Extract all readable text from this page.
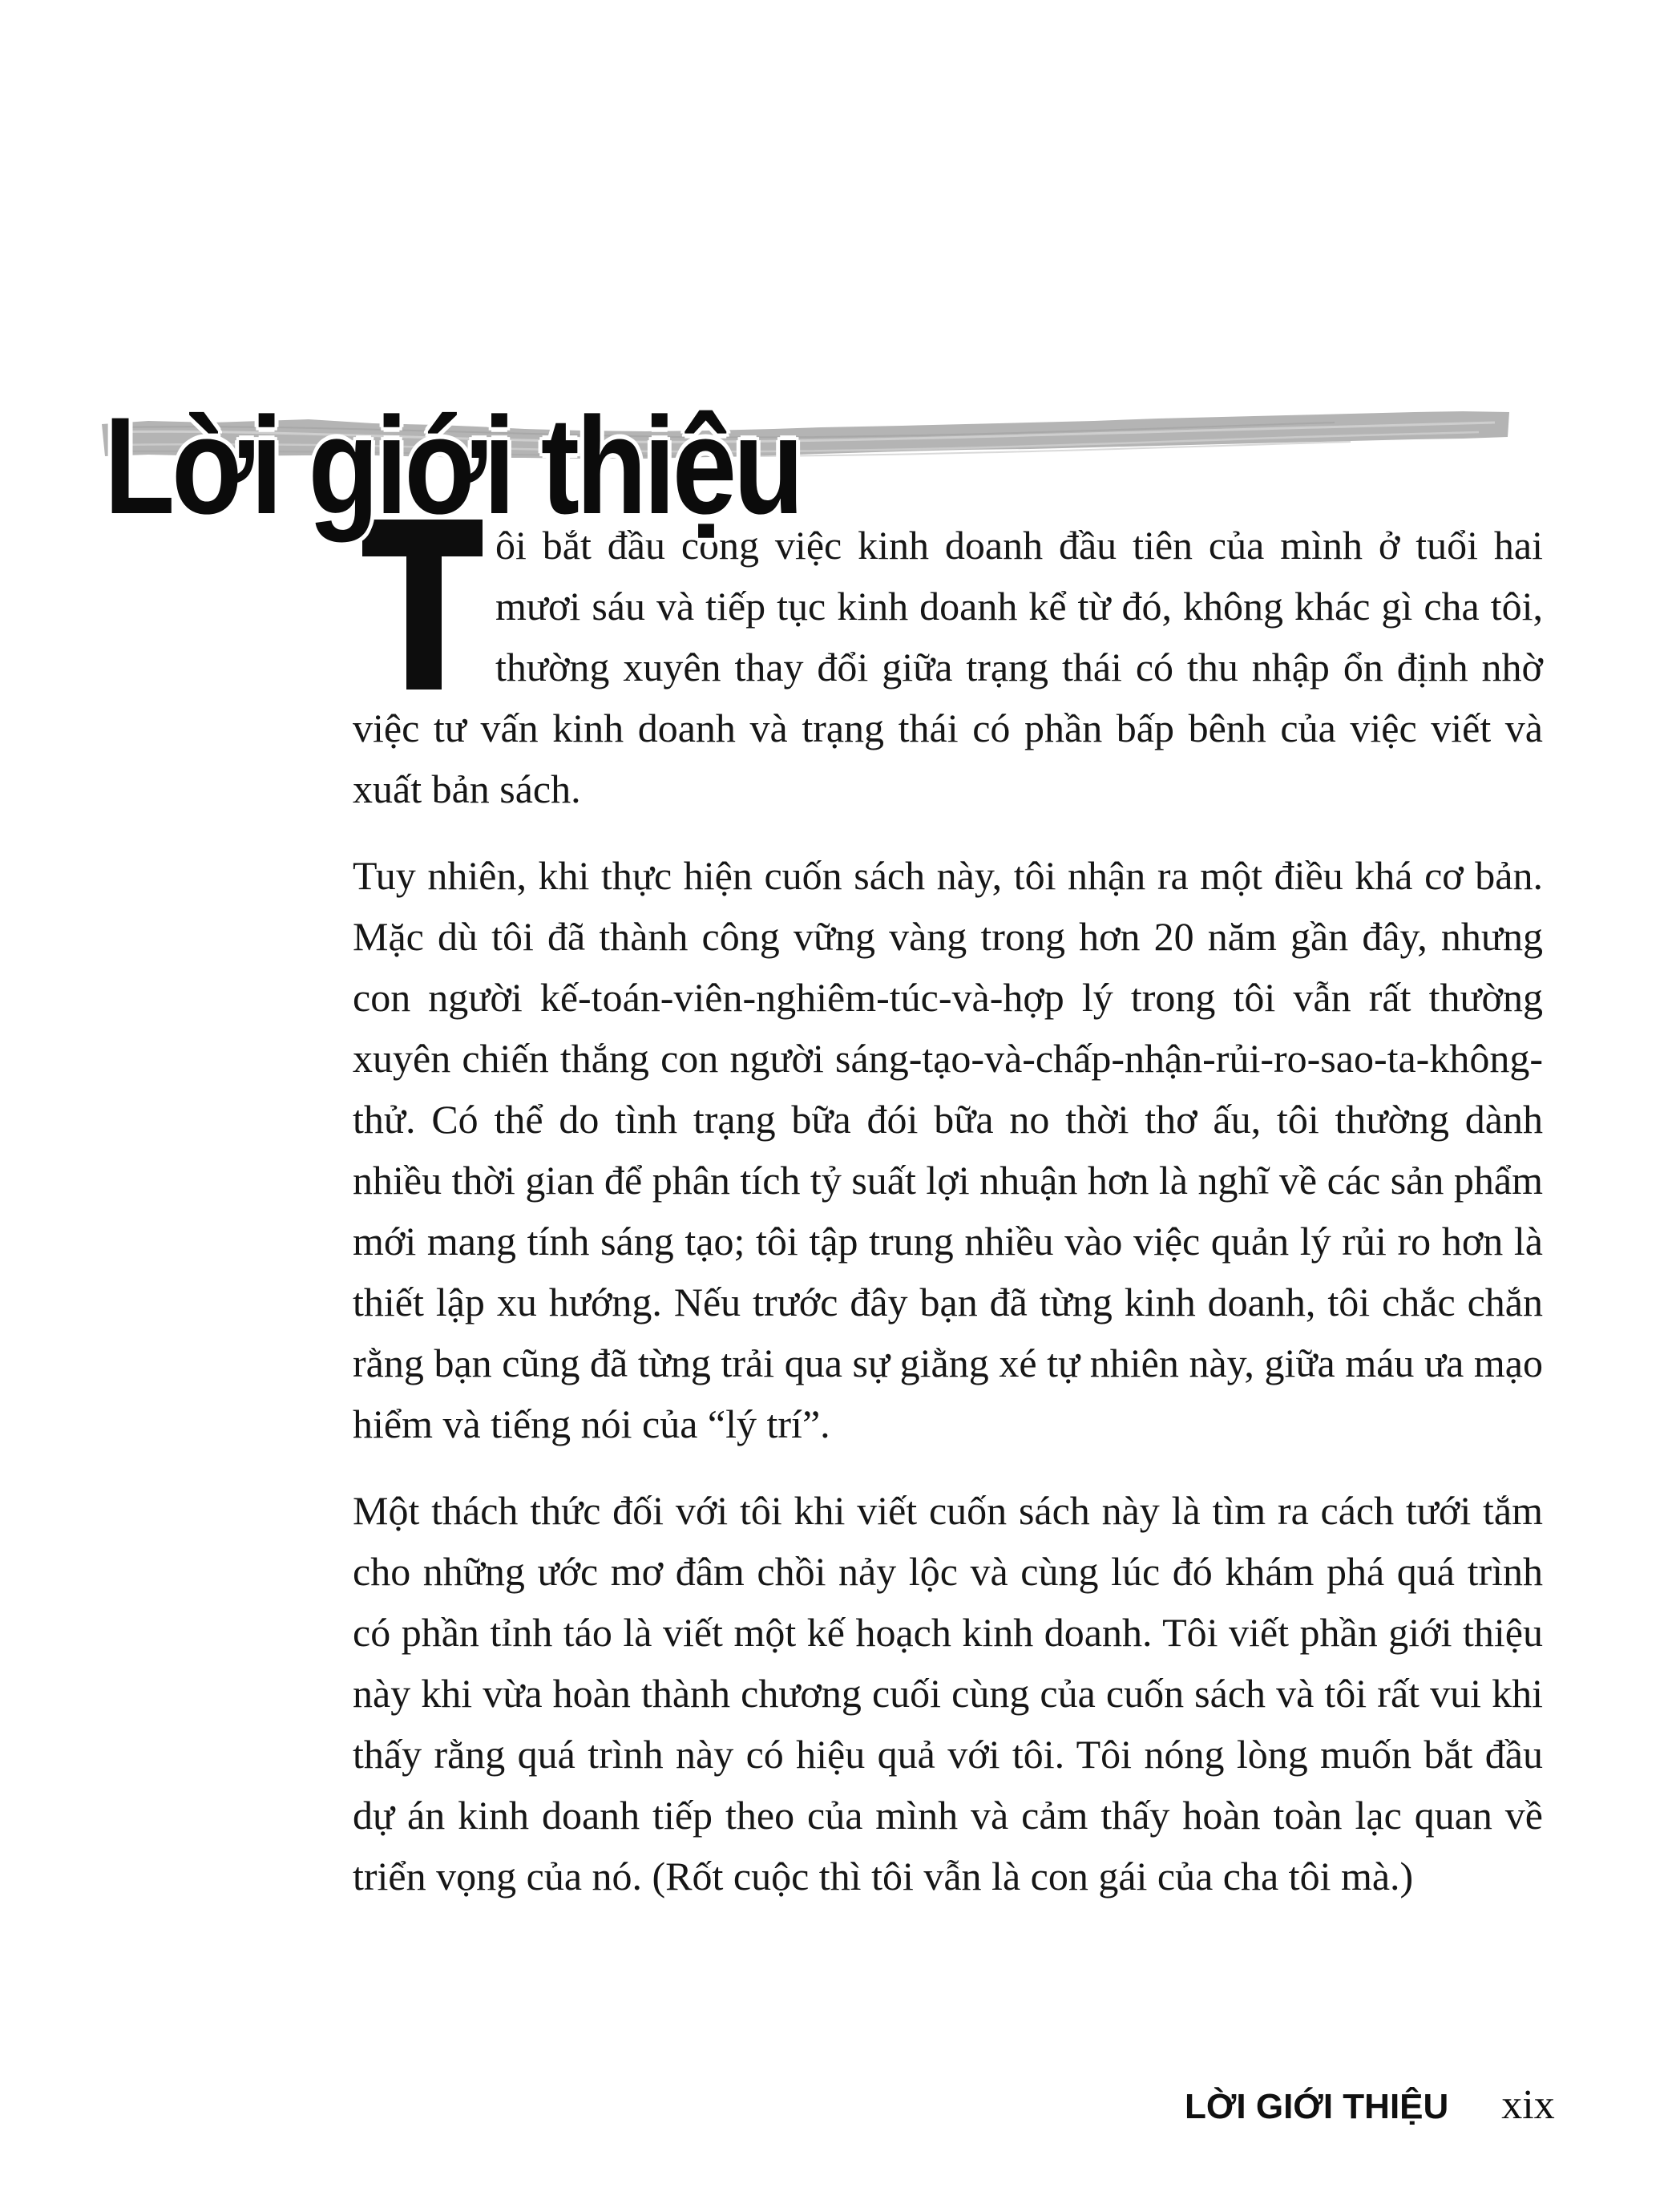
Lời giới thiệu

ôi bắt đầu công việc kinh doanh đầu tiên của mình ở tuổi hai mươi sáu và tiếp tục kinh doanh kể từ đó, không khác gì cha tôi, thường xuyên thay đổi giữa trạng thái có thu nhập ổn định nhờ việc tư vấn kinh doanh và trạng thái có phần bấp bênh của việc viết và xuất bản sách.

Tuy nhiên, khi thực hiện cuốn sách này, tôi nhận ra một điều khá cơ bản. Mặc dù tôi đã thành công vững vàng trong hơn 20 năm gần đây, nhưng con người kế-toán-viên-nghiêm-túc-và-hợp lý trong tôi vẫn rất thường xuyên chiến thắng con người sáng-tạo-và-chấp-nhận-rủi-ro-sao-ta-không-thử. Có thể do tình trạng bữa đói bữa no thời thơ ấu, tôi thường dành nhiều thời gian để phân tích tỷ suất lợi nhuận hơn là nghĩ về các sản phẩm mới mang tính sáng tạo; tôi tập trung nhiều vào việc quản lý rủi ro hơn là thiết lập xu hướng. Nếu trước đây bạn đã từng kinh doanh, tôi chắc chắn rằng bạn cũng đã từng trải qua sự giằng xé tự nhiên này, giữa máu ưa mạo hiểm và tiếng nói của “lý trí”.

Một thách thức đối với tôi khi viết cuốn sách này là tìm ra cách tưới tắm cho những ước mơ đâm chồi nảy lộc và cùng lúc đó khám phá quá trình có phần tỉnh táo là viết một kế hoạch kinh doanh. Tôi viết phần giới thiệu này khi vừa hoàn thành chương cuối cùng của cuốn sách và tôi rất vui khi thấy rằng quá trình này có hiệu quả với tôi. Tôi nóng lòng muốn bắt đầu dự án kinh doanh tiếp theo của mình và cảm thấy hoàn toàn lạc quan về triển vọng của nó. (Rốt cuộc thì tôi vẫn là con gái của cha tôi mà.)

LỜI GIỚI THIỆU xix
